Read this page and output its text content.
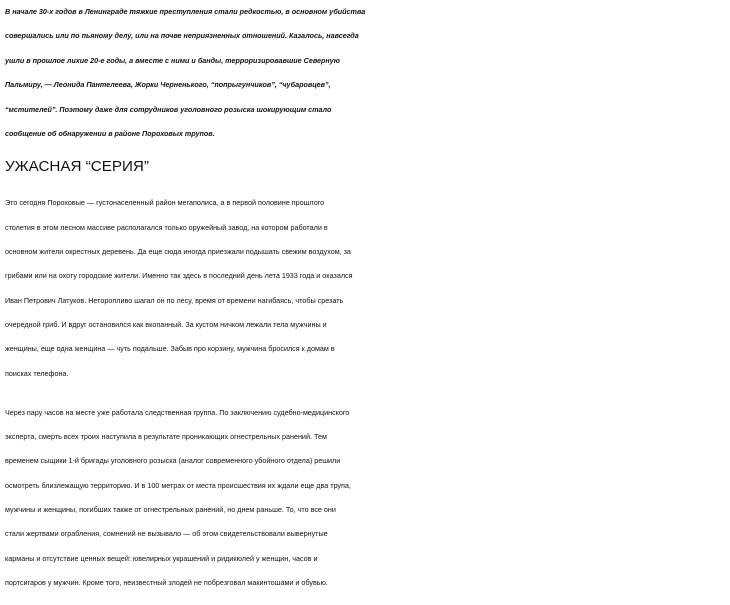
В начале 30-х годов в Ленинграде тяжкие преступления стали редкостью, в основном убийства
совершались или по пьяному делу, или на почве неприязненных отношений. Казалось, навсегда
ушли в прошлое лихие 20-е годы, а вместе с ними и банды, терроризировавшие Северную
Пальмиру, — Леонида Пантелеева, Жорки Черненького, “попрыгунчиков”, “чубаровцев”,
“мстителей”. Поэтому даже для сотрудников уголовного розыска шокирующим стало
сообщение об обнаружении в районе Пороховых трупов.

УЖАСНАЯ “СЕРИЯ”

Это сегодня Пороховые — густонаселенный район мегаполиса, а в первой половине прошлого
столетия в этом лесном массиве располагался только оружейный завод, на котором работали в
основном жители окрестных деревень. Да еще сюда иногда приезжали подышать свежим воздухом, за
грибами или на охоту городские жители. Именно так здесь в последний день лета 1933 года и оказался
Иван Петрович Латуков. Неторопливо шагал он по лесу, время от времени нагибаясь, чтобы срезать
очередной гриб. И вдруг остановился как вкопанный. За кустом ничком лежали тела мужчины и
женщины, еще одна женщина — чуть подальше. Забыв про корзину, мужчина бросился к домам в
поисках телефона.

Через пару часов на месте уже работала следственная группа. По заключению судебно-медицинского
эксперта, смерть всех троих наступила в результате проникающих огнестрельных ранений. Тем
временем сыщики 1-й бригады уголовного розыска (аналог современного убойного отдела) решили
осмотреть близлежащую территорию. И в 100 метрах от места происшествия их ждали еще два трупа,
мужчины и женщины, погибших также от огнестрельных ранений, но днем раньше. То, что все они
стали жертвами ограбления, сомнений не вызывало — об этом свидетельствовали вывернутые
карманы и отсутствие ценных вещей: ювелирных украшений и ридикюлей у женщин, часов и
портсигаров у мужчин. Кроме того, неизвестный злодей не побрезговал макинтошами и обувью.
